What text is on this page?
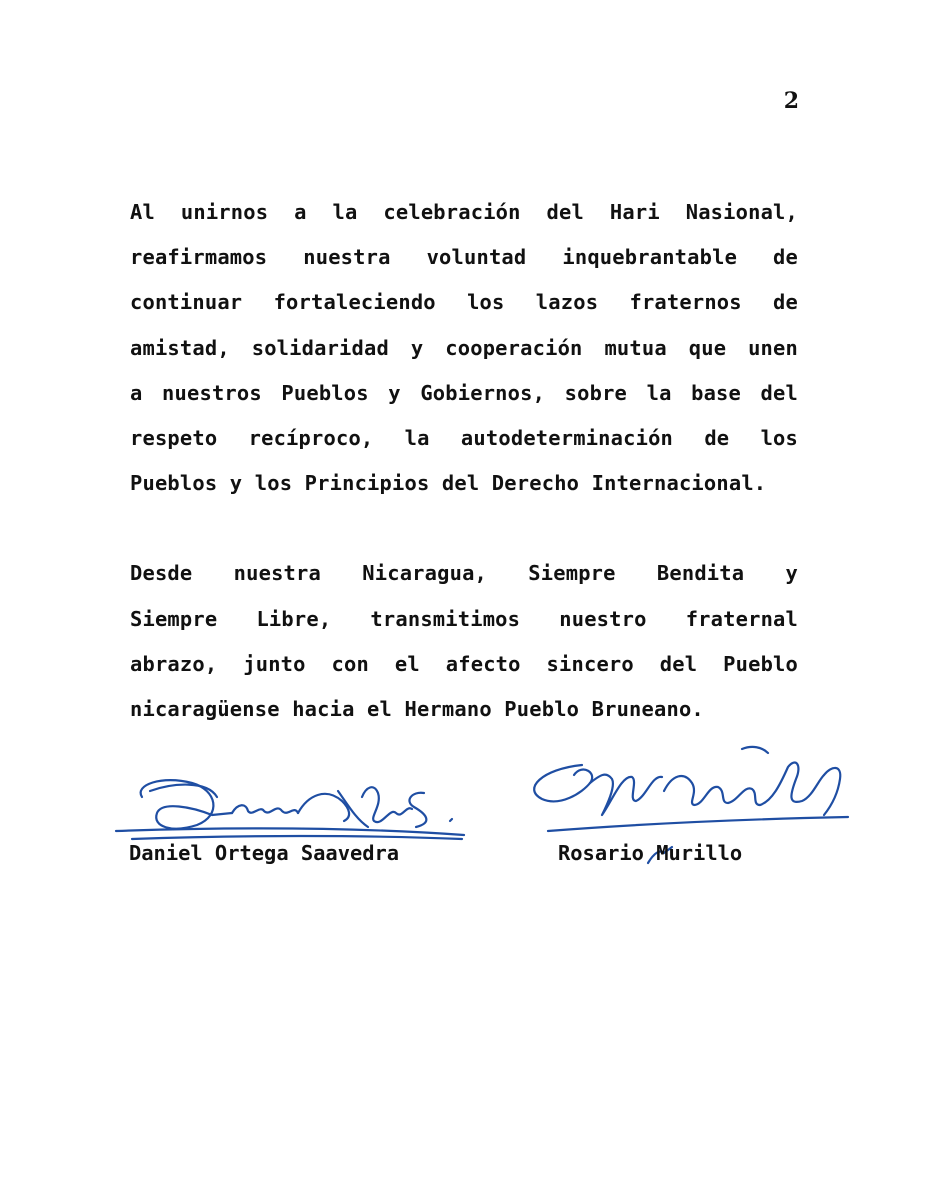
2
Al unirnos a la celebración del Hari Nasional,
reafirmamos nuestra voluntad inquebrantable de
continuar fortaleciendo los lazos fraternos de
amistad, solidaridad y cooperación mutua que unen
a nuestros Pueblos y Gobiernos, sobre la base del
respeto recíproco, la autodeterminación de los
Pueblos y los Principios del Derecho Internacional.
Desde nuestra Nicaragua, Siempre Bendita y
Siempre Libre, transmitimos nuestro fraternal
abrazo, junto con el afecto sincero del Pueblo
nicaragüense hacia el Hermano Pueblo Bruneano.
Daniel Ortega Saavedra	Rosario Murillo
